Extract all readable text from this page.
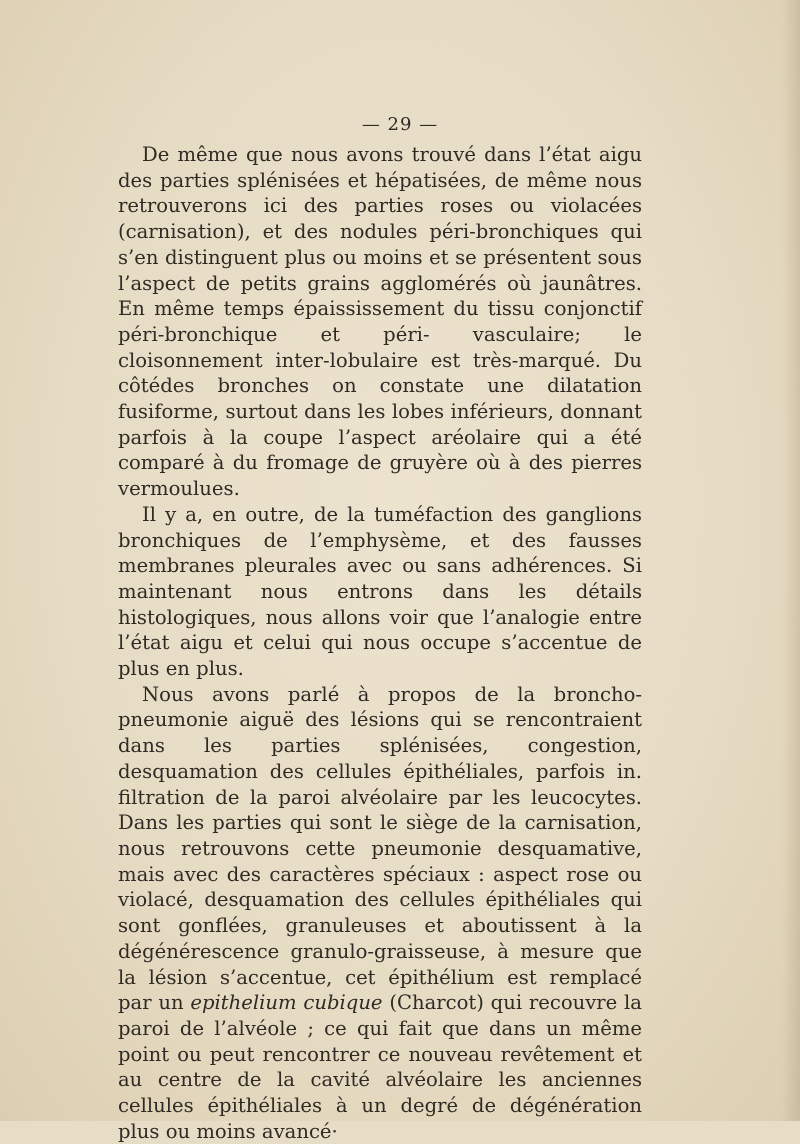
— 29 —

De même que nous avons trouvé dans l’état aigu des parties splénisées et hépatisées, de même nous retrouverons ici des parties roses ou violacées (carnisation), et des nodules péri-bronchiques qui s’en distinguent plus ou moins et se présentent sous l’aspect de petits grains agglomérés où jaunâtres. En même temps épaississement du tissu conjonctif péri-bronchique et péri- vasculaire; le cloisonnement inter-lobulaire est très-marqué. Du côtédes bronches on constate une dilatation fusiforme, surtout dans les lobes inférieurs, donnant parfois à la coupe l’aspect aréolaire qui a été comparé à du fromage de gruyère où à des pierres vermoulues.

Il y a, en outre, de la tuméfaction des ganglions bronchiques de l’emphysème, et des fausses membranes pleurales avec ou sans adhérences. Si maintenant nous entrons dans les détails histologiques, nous allons voir que l’analogie entre l’état aigu et celui qui nous occupe s’accentue de plus en plus.

Nous avons parlé à propos de la broncho-pneumonie aiguë des lésions qui se rencontraient dans les parties splénisées, congestion, desquamation des cellules épithéliales, parfois in. filtration de la paroi alvéolaire par les leucocytes. Dans les parties qui sont le siège de la carnisation, nous retrouvons cette pneumonie desquamative, mais avec des caractères spéciaux : aspect rose ou violacé, desquamation des cellules épithéliales qui sont gonflées, granuleuses et aboutissent à la dégénérescence granulo-graisseuse, à mesure que la lésion s’accentue, cet épithélium est remplacé par un epithelium cubique (Charcot) qui recouvre la paroi de l’alvéole ; ce qui fait que dans un même point ou peut rencontrer ce nouveau revêtement et au centre de la cavité alvéolaire les anciennes cellules épithéliales à un degré de dégénération plus ou moins avancé·
